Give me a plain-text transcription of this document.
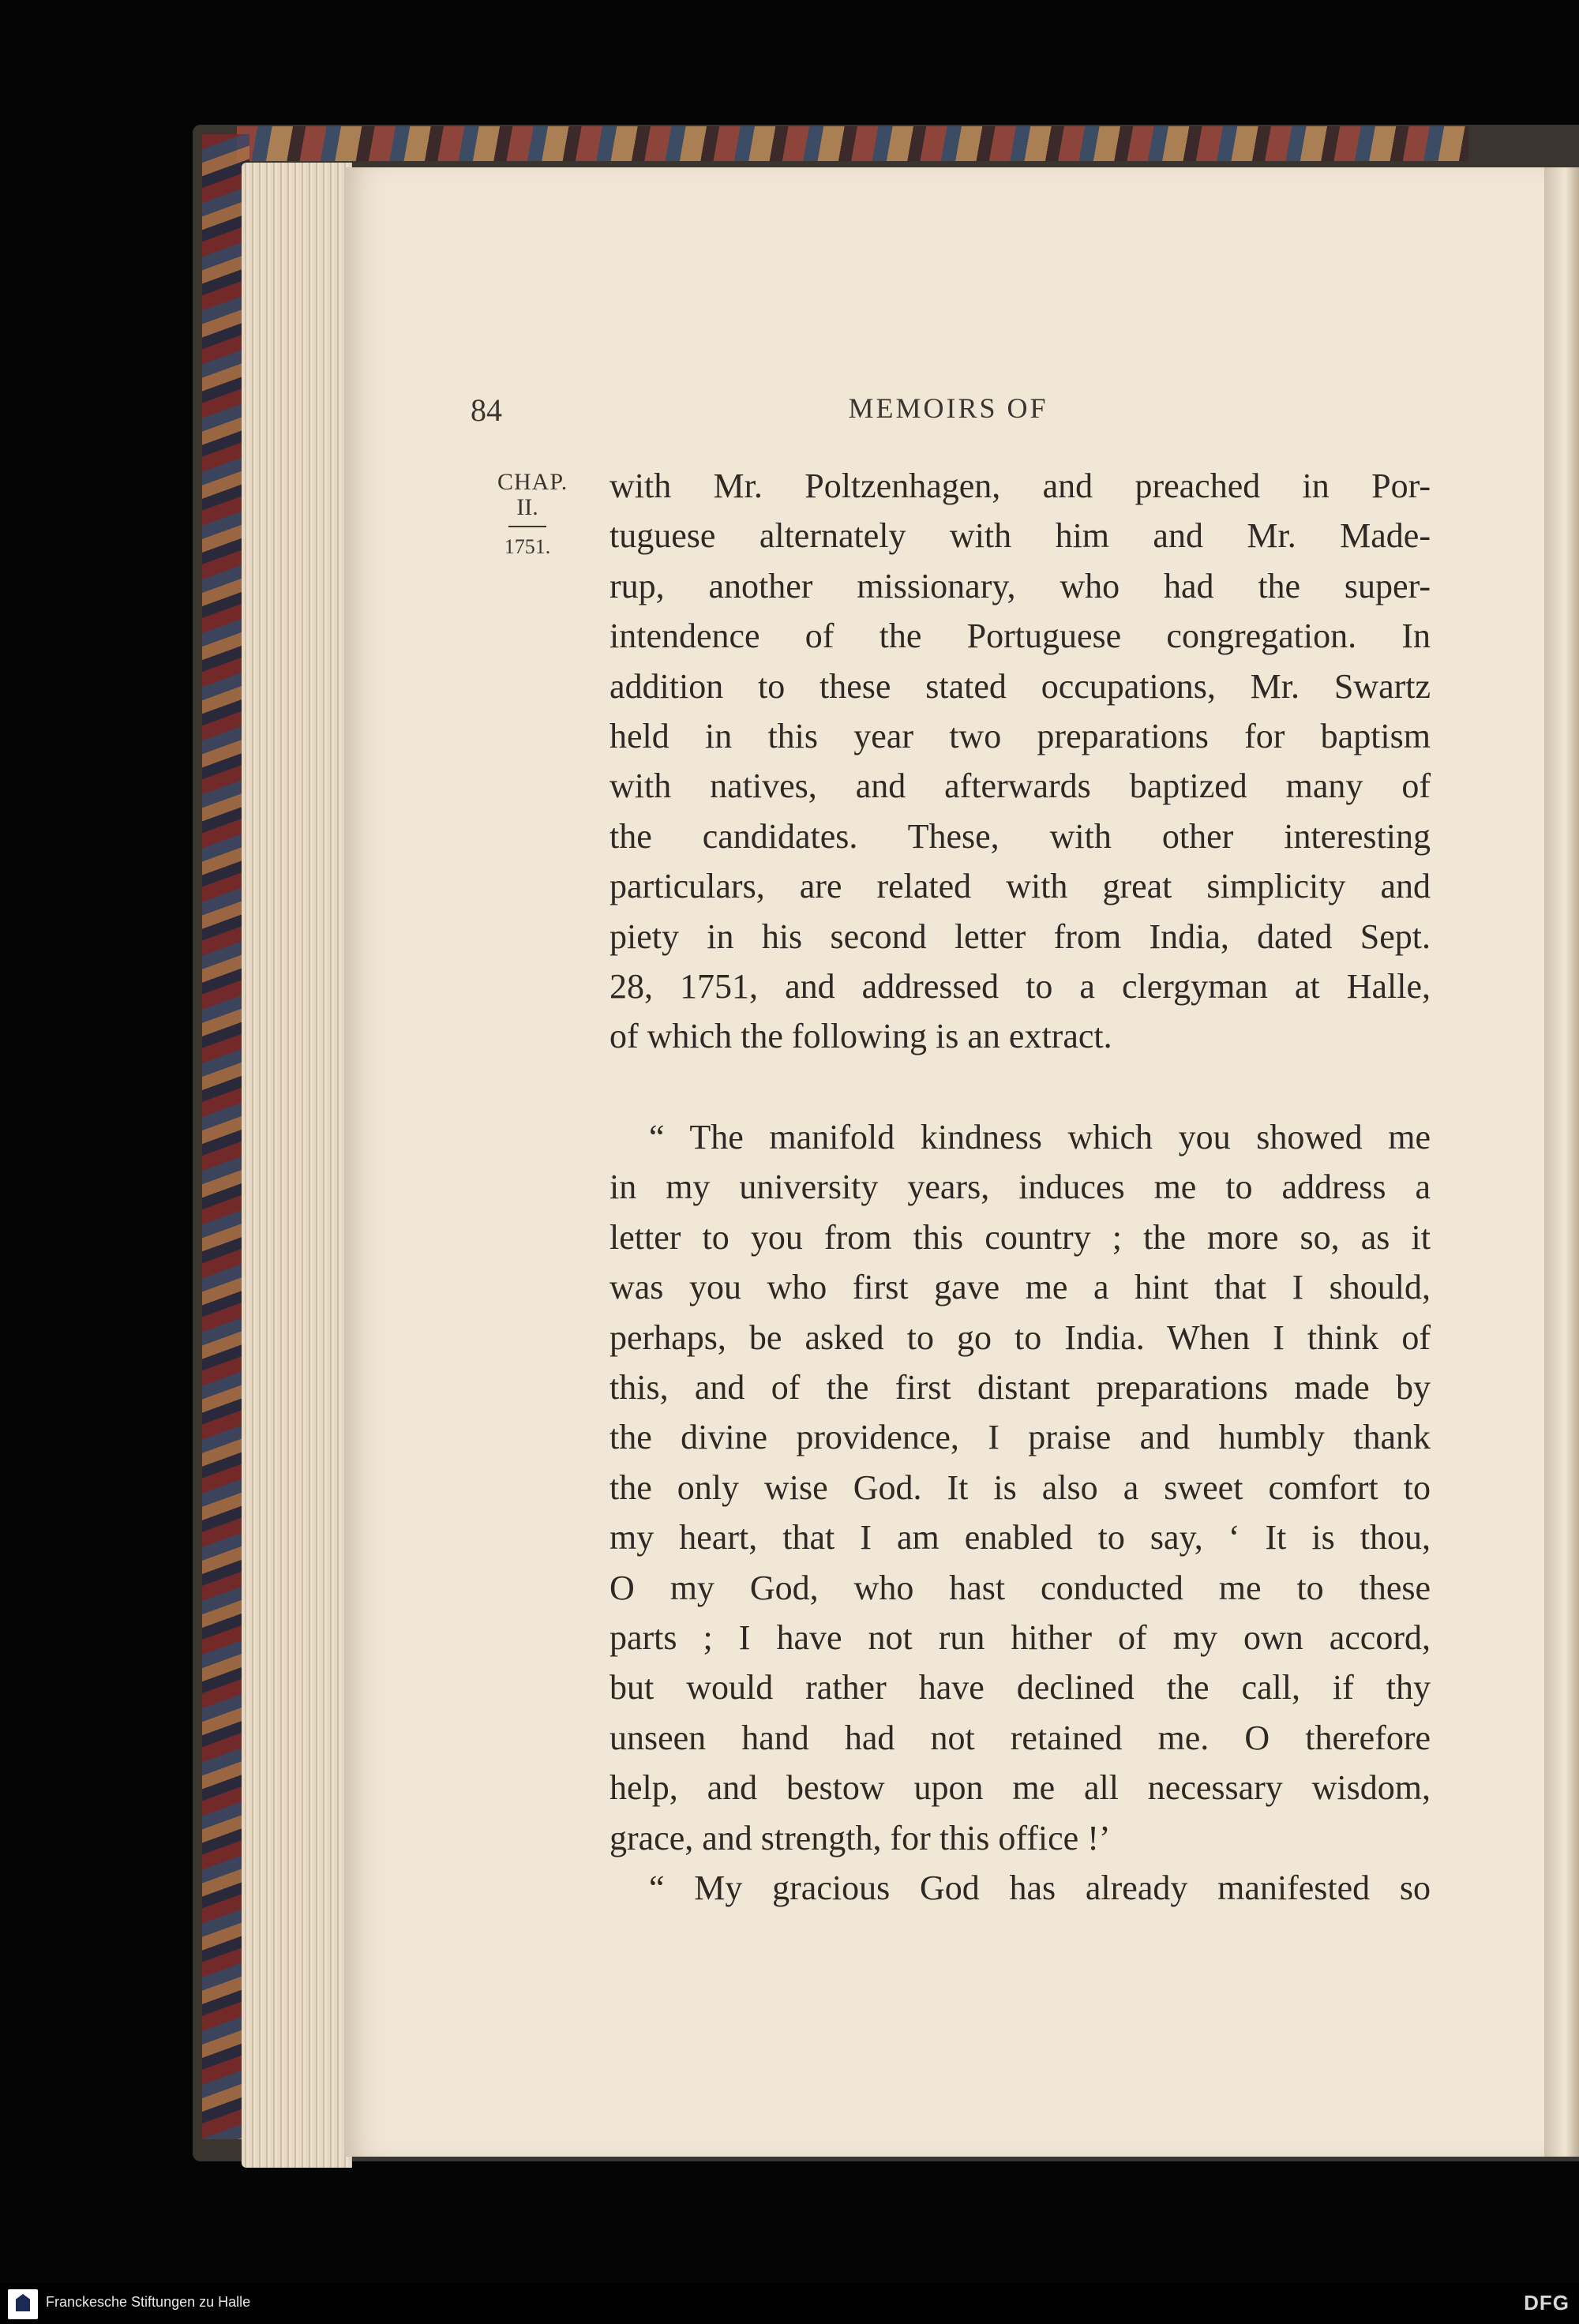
84	MEMOIRS OF
CHAP.
II.
1751.
with Mr. Poltzenhagen, and preached in Por-
tuguese alternately with him and Mr. Made-
rup, another missionary, who had the super-
intendence of the Portuguese congregation. In
addition to these stated occupations, Mr. Swartz
held in this year two preparations for baptism
with natives, and afterwards baptized many of
the candidates. These, with other interesting
particulars, are related with great simplicity and
piety in his second letter from India, dated Sept.
28, 1751, and addressed to a clergyman at Halle,
of which the following is an extract.
“ The manifold kindness which you showed me
in my university years, induces me to address a
letter to you from this country ; the more so, as it
was you who first gave me a hint that I should,
perhaps, be asked to go to India. When I think of
this, and of the first distant preparations made by
the divine providence, I praise and humbly thank
the only wise God. It is also a sweet comfort to
my heart, that I am enabled to say, ‘ It is thou,
O my God, who hast conducted me to these
parts ; I have not run hither of my own accord,
but would rather have declined the call, if thy
unseen hand had not retained me. O therefore
help, and bestow upon me all necessary wisdom,
grace, and strength, for this office !’
“ My gracious God has already manifested so
Franckesche Stiftungen zu Halle	DFG
